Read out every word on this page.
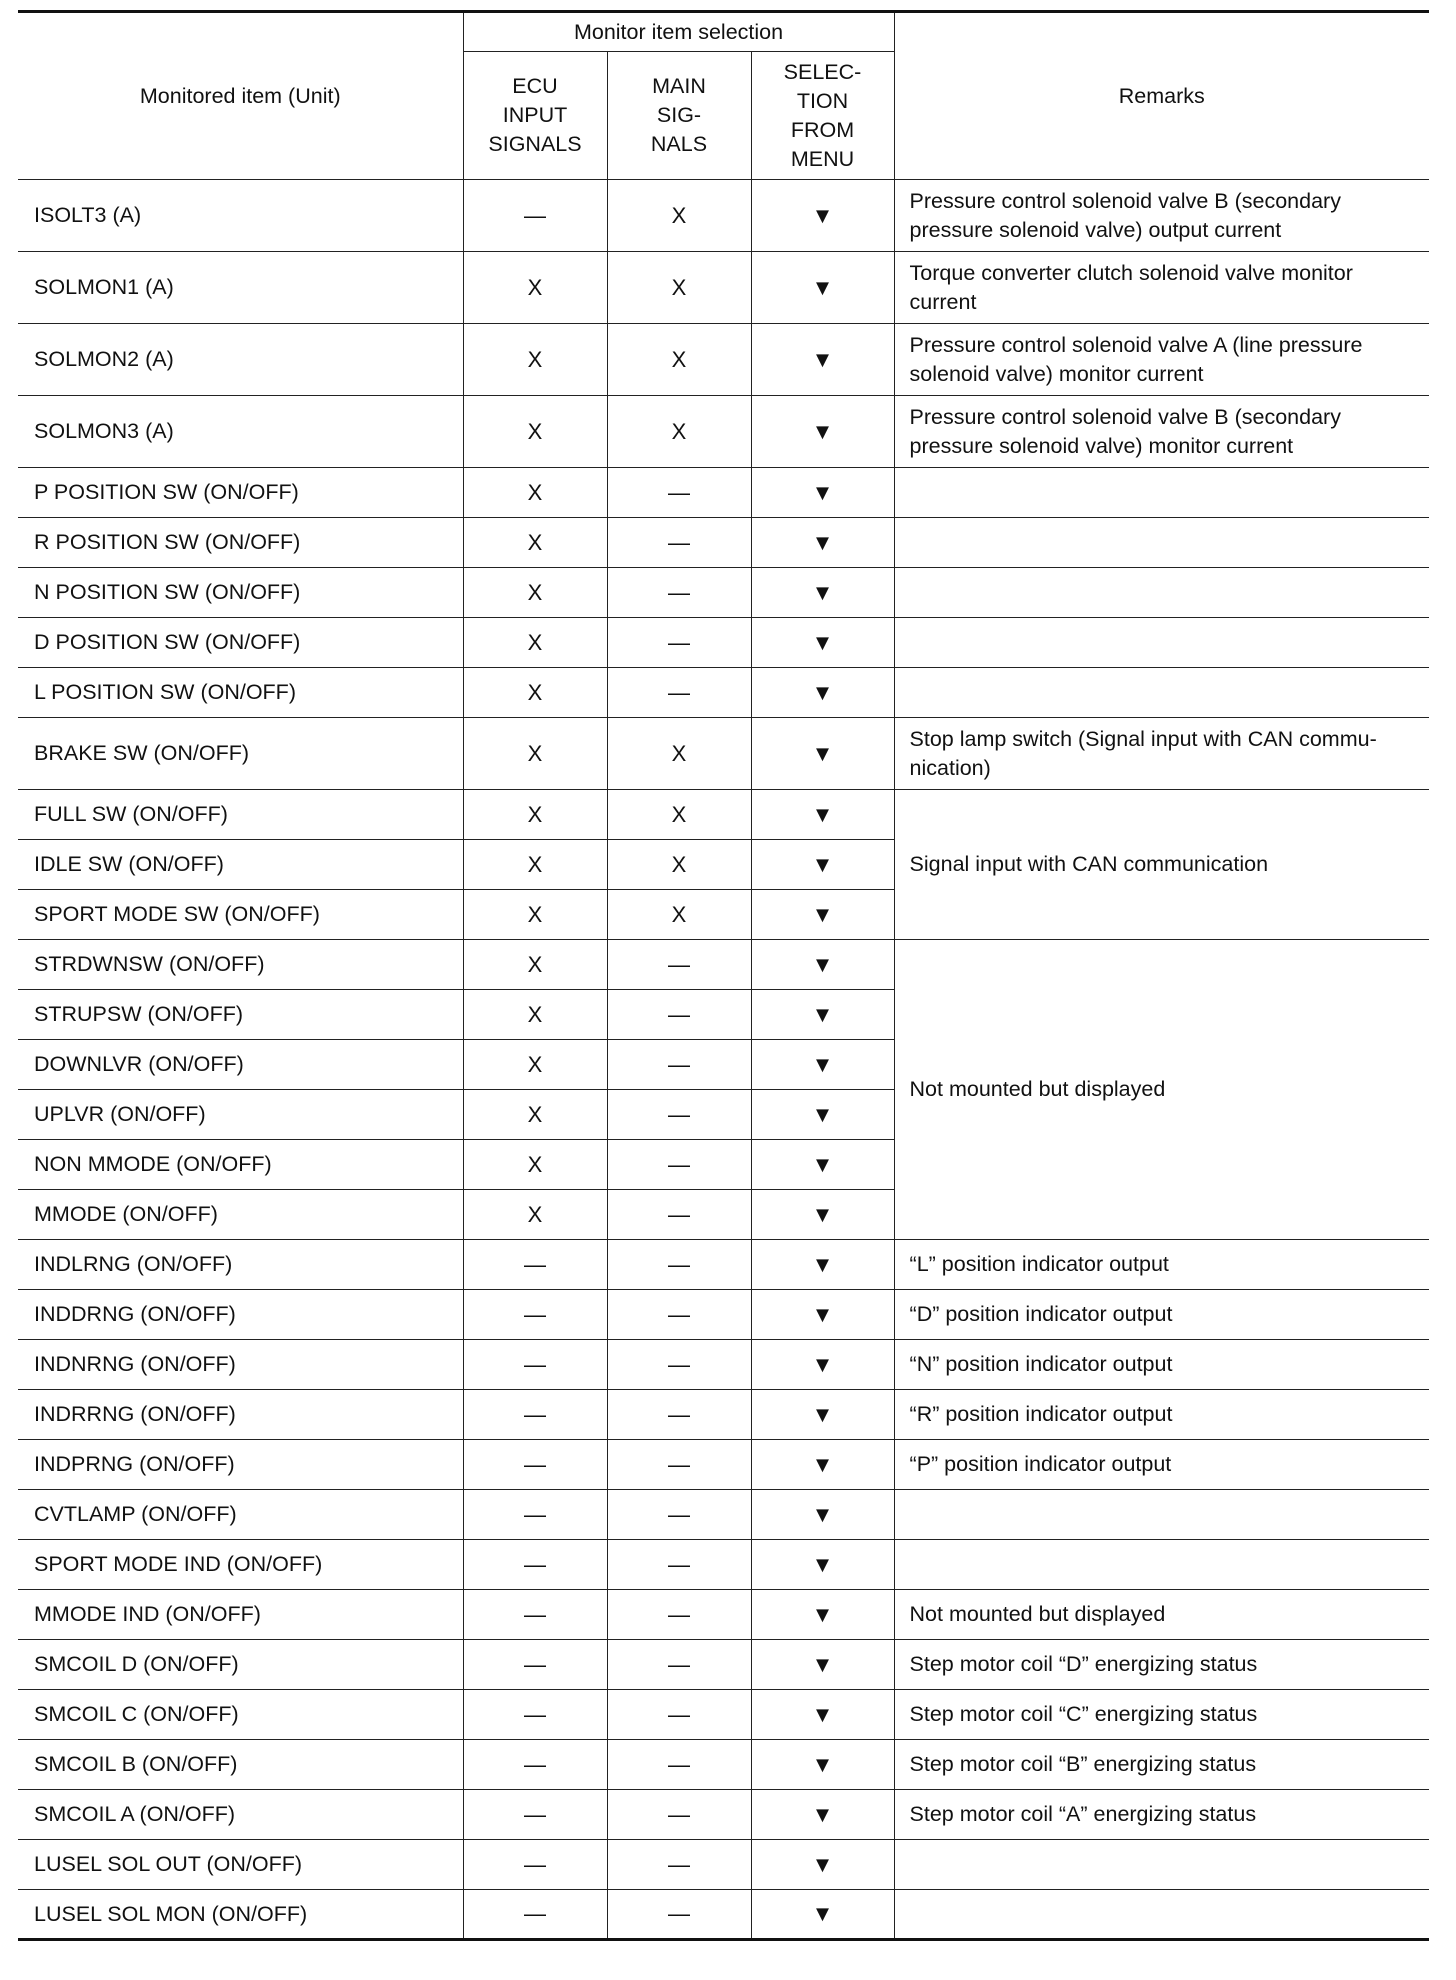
Monitored item (Unit)	Monitor item selection			Remarks
	ECU INPUT SIGNALS	MAIN SIG-NALS	SELEC-TION FROM MENU	
ISOLT3 (A)	—	X	▼	Pressure control solenoid valve B (secondary pressure solenoid valve) output current
SOLMON1 (A)	X	X	▼	Torque converter clutch solenoid valve monitor current
SOLMON2 (A)	X	X	▼	Pressure control solenoid valve A (line pressure solenoid valve) monitor current
SOLMON3 (A)	X	X	▼	Pressure control solenoid valve B (secondary pressure solenoid valve) monitor current
P POSITION SW (ON/OFF)	X	—	▼	
R POSITION SW (ON/OFF)	X	—	▼	
N POSITION SW (ON/OFF)	X	—	▼	
D POSITION SW (ON/OFF)	X	—	▼	
L POSITION SW (ON/OFF)	X	—	▼	
BRAKE SW (ON/OFF)	X	X	▼	Stop lamp switch (Signal input with CAN commu-nication)
FULL SW (ON/OFF)	X	X	▼	Signal input with CAN communication
IDLE SW (ON/OFF)	X	X	▼	
SPORT MODE SW (ON/OFF)	X	X	▼	
STRDWNSW (ON/OFF)	X	—	▼	Not mounted but displayed
STRUPSW (ON/OFF)	X	—	▼	
DOWNLVR (ON/OFF)	X	—	▼	
UPLVR (ON/OFF)	X	—	▼	
NON MMODE (ON/OFF)	X	—	▼	
MMODE (ON/OFF)	X	—	▼	
INDLRNG (ON/OFF)	—	—	▼	“L” position indicator output
INDDRNG (ON/OFF)	—	—	▼	“D” position indicator output
INDNRNG (ON/OFF)	—	—	▼	“N” position indicator output
INDRRNG (ON/OFF)	—	—	▼	“R” position indicator output
INDPRNG (ON/OFF)	—	—	▼	“P” position indicator output
CVTLAMP (ON/OFF)	—	—	▼	
SPORT MODE IND (ON/OFF)	—	—	▼	
MMODE IND (ON/OFF)	—	—	▼	Not mounted but displayed
SMCOIL D (ON/OFF)	—	—	▼	Step motor coil “D” energizing status
SMCOIL C (ON/OFF)	—	—	▼	Step motor coil “C” energizing status
SMCOIL B (ON/OFF)	—	—	▼	Step motor coil “B” energizing status
SMCOIL A (ON/OFF)	—	—	▼	Step motor coil “A” energizing status
LUSEL SOL OUT (ON/OFF)	—	—	▼	
LUSEL SOL MON (ON/OFF)	—	—	▼	
